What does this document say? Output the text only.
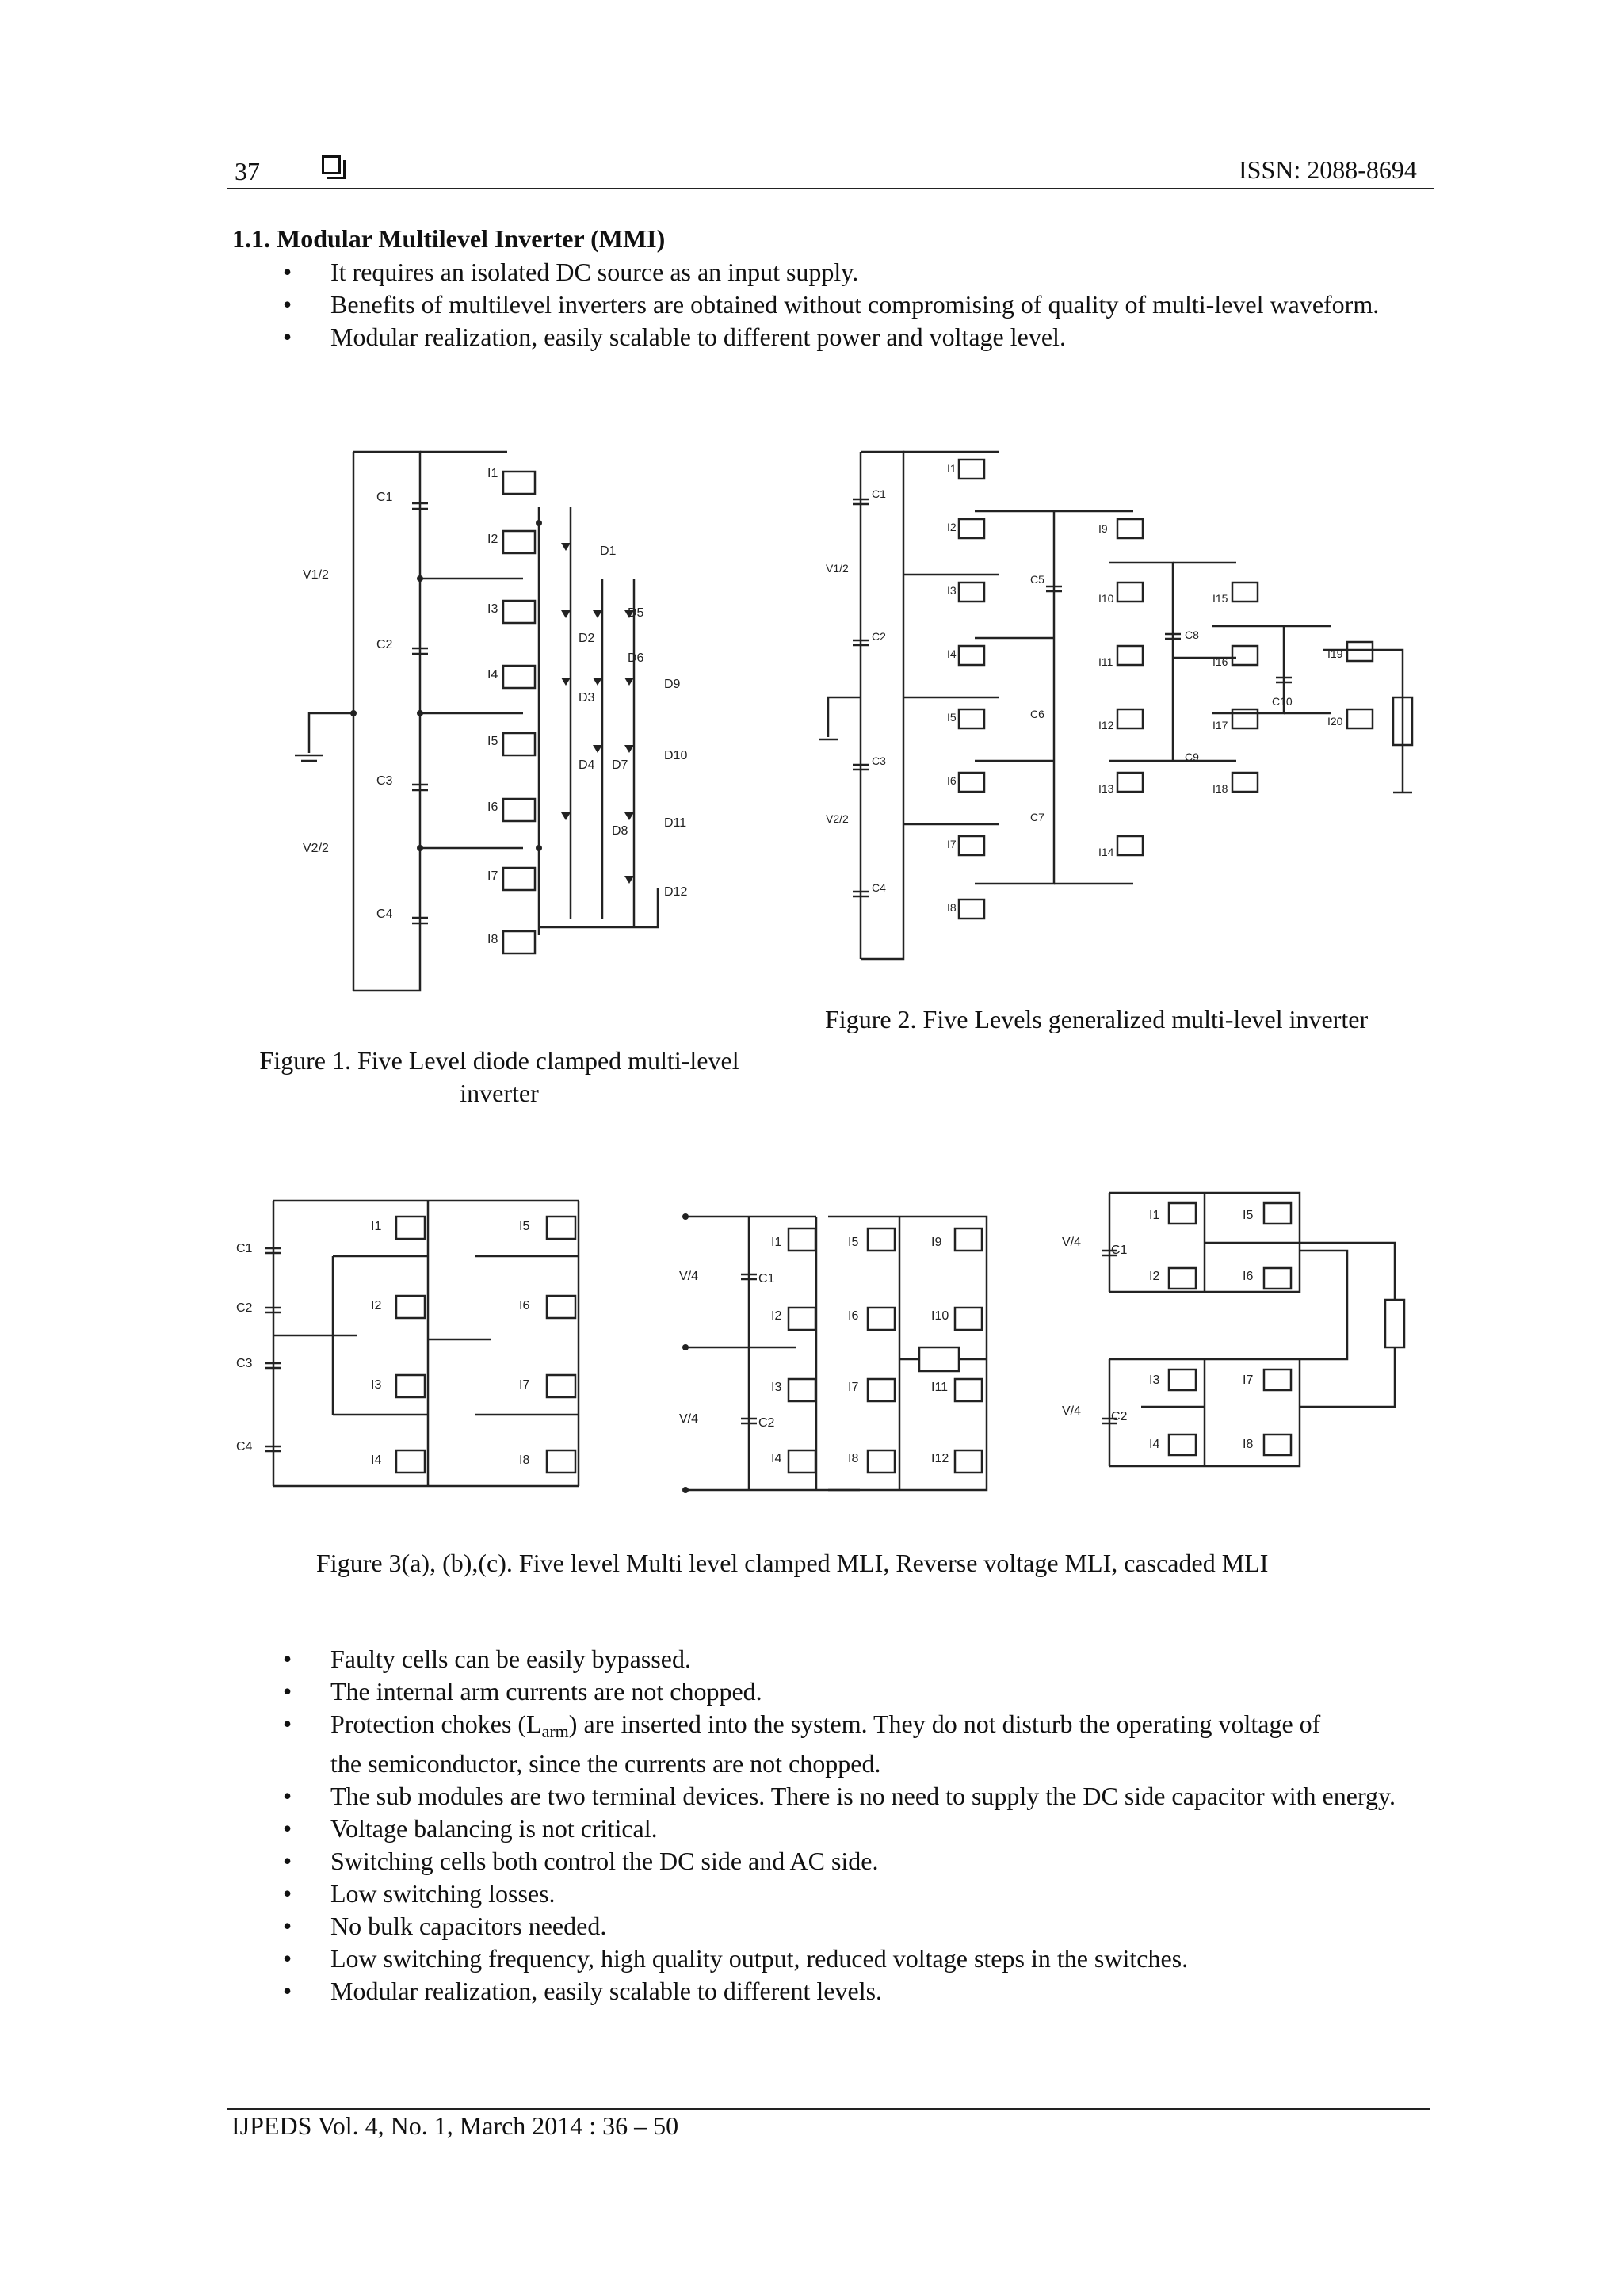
37	ISSN: 2088-8694
1.1. Modular Multilevel Inverter (MMI)
• It requires an isolated DC source as an input supply.
• Benefits of multilevel inverters are obtained without compromising of quality of multi-level waveform.
• Modular realization, easily scalable to different power and voltage level.
C1
C2
C3
C4
V1/2
V2/2
I1
I2
I3
I4
I5
I6
I7
I8
D1
D2
D3
D4
D5
D6
D7
D8
D9
D10
D11
D12
Figure 1. Five Level diode clamped multi-level
inverter
C1
C2
C3
C4
V1/2
V2/2
C5
C6
C7
C8
C9
C10
I1
I2
I3
I4
I5
I6
I7
I8
I9
I10
I11
I12
I13
I14
I15
I16
I17
I18
I19
I20
Figure 2. Five Levels generalized multi-level inverter
C1
C2
C3
C4
I1
I2
I3
I4
I5
I6
I7
I8
V/4
V/4
C1
C2
I1
I2
I3
I4
I5
I6
I7
I8
I9
I10
I11
I12
V/4
V/4
C1
C2
I1
I2
I3
I4
I5
I6
I7
I8
Figure 3(a), (b),(c). Five level Multi level clamped MLI, Reverse voltage MLI, cascaded MLI
• Faulty cells can be easily bypassed.
• The internal arm currents are not chopped.
• Protection chokes $(L_{arm})$ are inserted into the system. They do not disturb the operating voltage of
the semiconductor, since the currents are not chopped.
• The sub modules are two terminal devices. There is no need to supply the DC side capacitor with energy.
• Voltage balancing is not critical.
• Switching cells both control the DC side and AC side.
• Low switching losses.
• No bulk capacitors needed.
• Low switching frequency, high quality output, reduced voltage steps in the switches.
• Modular realization, easily scalable to different levels.
IJPEDS Vol. 4, No. 1, March 2014 : 36 – 50
